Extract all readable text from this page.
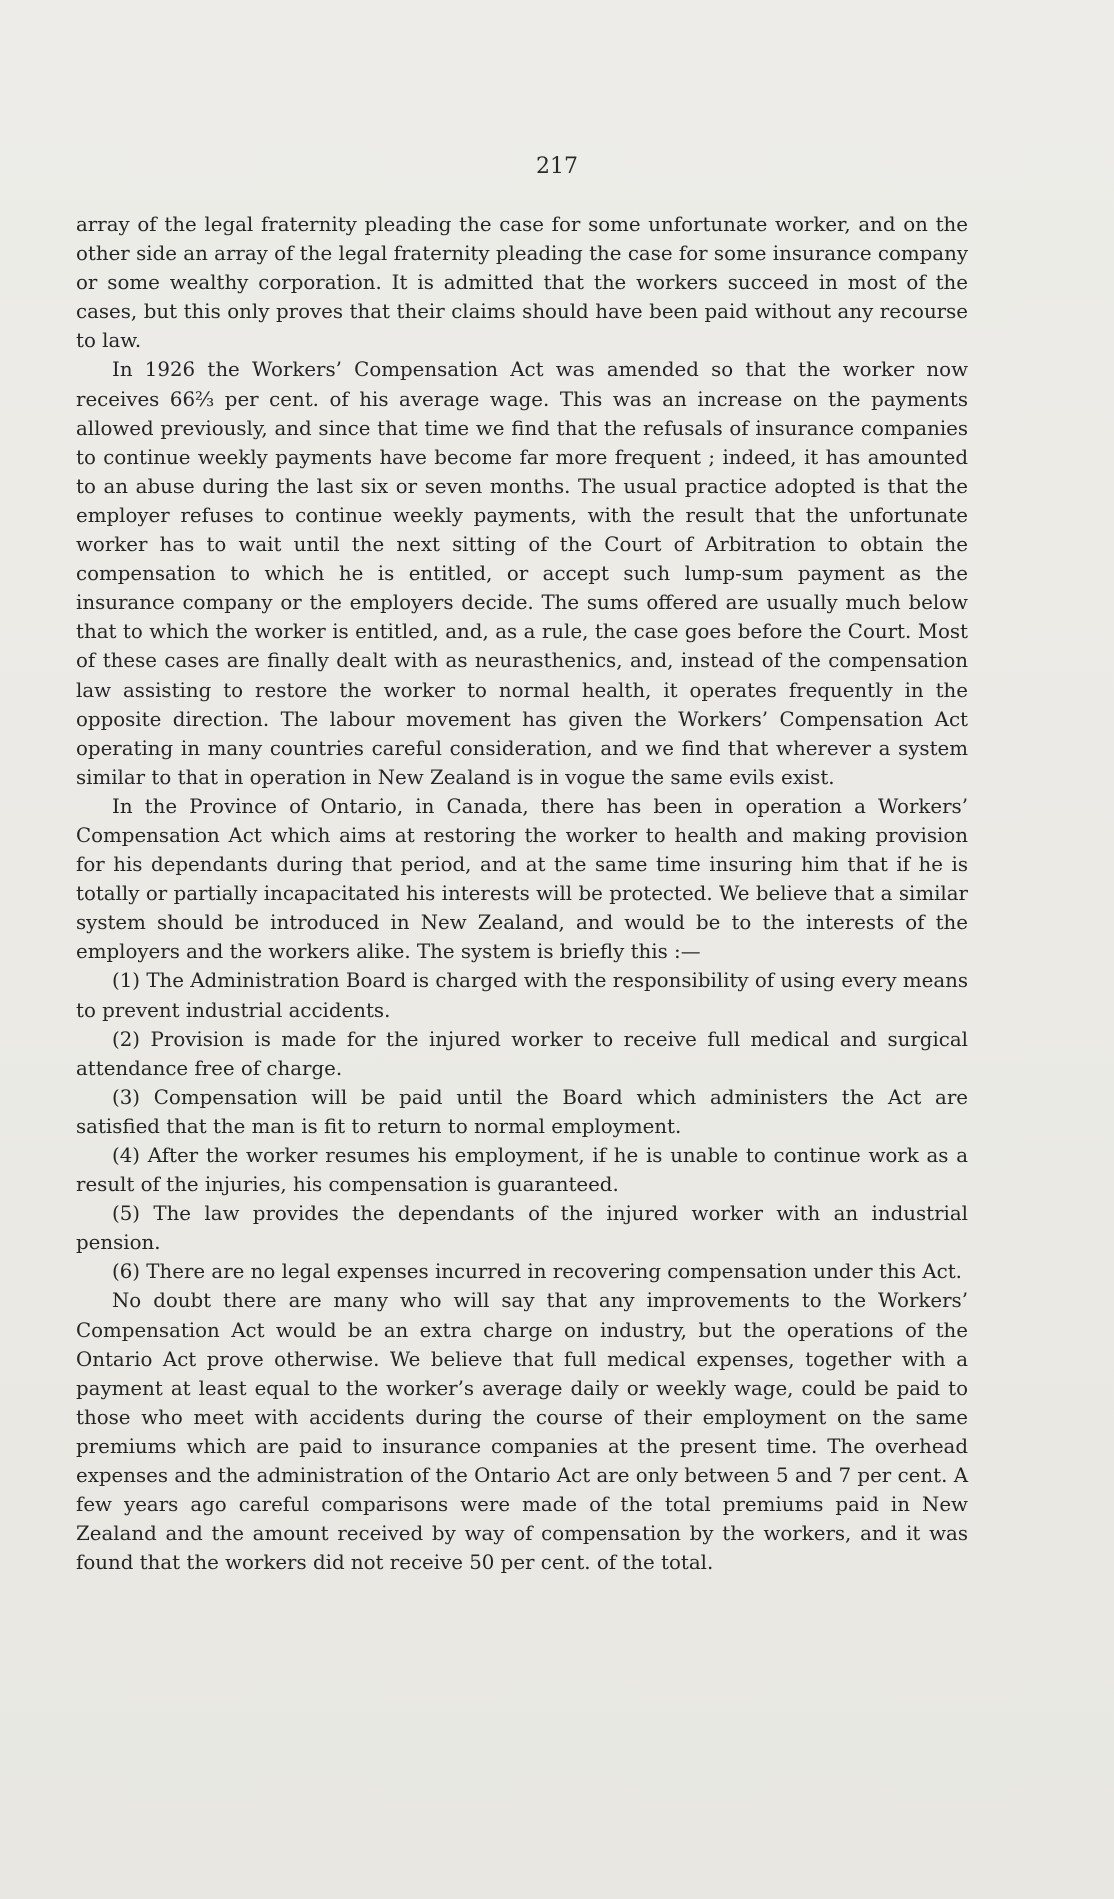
217

array of the legal fraternity pleading the case for some unfortunate worker, and on the other side an array of the legal fraternity pleading the case for some insurance company or some wealthy corporation. It is admitted that the workers succeed in most of the cases, but this only proves that their claims should have been paid without any recourse to law.

In 1926 the Workers’ Compensation Act was amended so that the worker now receives 66⅔ per cent. of his average wage. This was an increase on the payments allowed previously, and since that time we find that the refusals of insurance companies to continue weekly payments have become far more frequent ; indeed, it has amounted to an abuse during the last six or seven months. The usual practice adopted is that the employer refuses to continue weekly payments, with the result that the unfortunate worker has to wait until the next sitting of the Court of Arbitration to obtain the compensation to which he is entitled, or accept such lump-sum payment as the insurance company or the employers decide. The sums offered are usually much below that to which the worker is entitled, and, as a rule, the case goes before the Court. Most of these cases are finally dealt with as neurasthenics, and, instead of the compensation law assisting to restore the worker to normal health, it operates frequently in the opposite direction. The labour movement has given the Workers’ Compensation Act operating in many countries careful consideration, and we find that wherever a system similar to that in operation in New Zealand is in vogue the same evils exist.

In the Province of Ontario, in Canada, there has been in operation a Workers’ Compensation Act which aims at restoring the worker to health and making provision for his dependants during that period, and at the same time insuring him that if he is totally or partially incapacitated his interests will be protected. We believe that a similar system should be introduced in New Zealand, and would be to the interests of the employers and the workers alike. The system is briefly this :—

(1) The Administration Board is charged with the responsibility of using every means to prevent industrial accidents.

(2) Provision is made for the injured worker to receive full medical and surgical attendance free of charge.

(3) Compensation will be paid until the Board which administers the Act are satisfied that the man is fit to return to normal employment.

(4) After the worker resumes his employment, if he is unable to continue work as a result of the injuries, his compensation is guaranteed.

(5) The law provides the dependants of the injured worker with an industrial pension.

(6) There are no legal expenses incurred in recovering compensation under this Act.

No doubt there are many who will say that any improvements to the Workers’ Compensation Act would be an extra charge on industry, but the operations of the Ontario Act prove otherwise. We believe that full medical expenses, together with a payment at least equal to the worker’s average daily or weekly wage, could be paid to those who meet with accidents during the course of their employment on the same premiums which are paid to insurance companies at the present time. The overhead expenses and the administration of the Ontario Act are only between 5 and 7 per cent. A few years ago careful comparisons were made of the total premiums paid in New Zealand and the amount received by way of compensation by the workers, and it was found that the workers did not receive 50 per cent. of the total.
